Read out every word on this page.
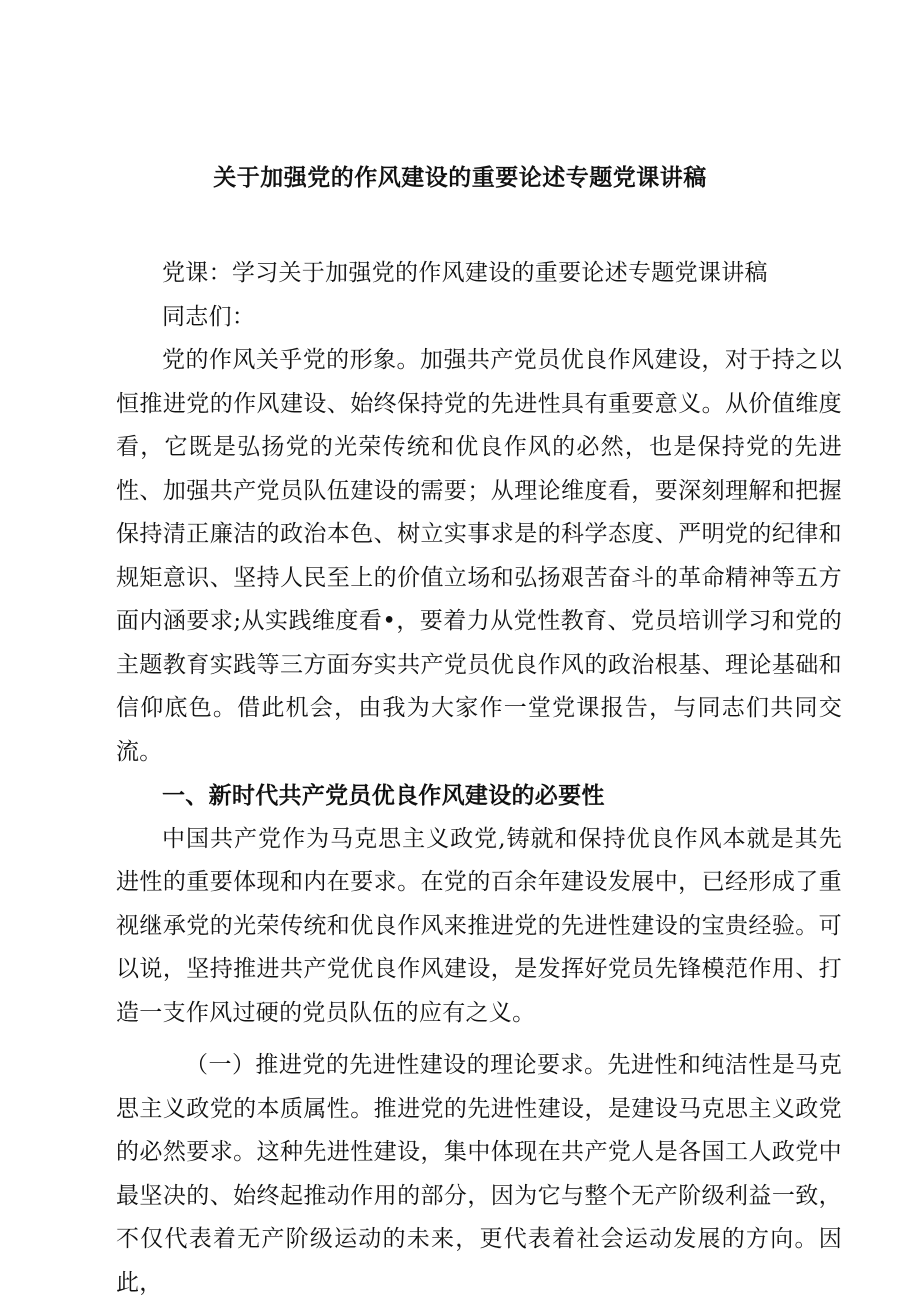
关于加强党的作风建设的重要论述专题党课讲稿

党课：学习关于加强党的作风建设的重要论述专题党课讲稿

同志们：

党的作风关乎党的形象。加强共产党员优良作风建设，对于持之以恒推进党的作风建设、始终保持党的先进性具有重要意义。从价值维度看，它既是弘扬党的光荣传统和优良作风的必然，也是保持党的先进性、加强共产党员队伍建设的需要；从理论维度看，要深刻理解和把握保持清正廉洁的政治本色、树立实事求是的科学态度、严明党的纪律和规矩意识、坚持人民至上的价值立场和弘扬艰苦奋斗的革命精神等五方面内涵要求;从实践维度看•，要着力从党性教育、党员培训学习和党的主题教育实践等三方面夯实共产党员优良作风的政治根基、理论基础和信仰底色。借此机会，由我为大家作一堂党课报告，与同志们共同交流。

一、新时代共产党员优良作风建设的必要性

中国共产党作为马克思主义政党,铸就和保持优良作风本就是其先进性的重要体现和内在要求。在党的百余年建设发展中，已经形成了重视继承党的光荣传统和优良作风来推进党的先进性建设的宝贵经验。可以说，坚持推进共产党优良作风建设，是发挥好党员先锋模范作用、打造一支作风过硬的党员队伍的应有之义。

（一）推进党的先进性建设的理论要求。先进性和纯洁性是马克思主义政党的本质属性。推进党的先进性建设，是建设马克思主义政党的必然要求。这种先进性建设，集中体现在共产党人是各国工人政党中最坚决的、始终起推动作用的部分，因为它与整个无产阶级利益一致，不仅代表着无产阶级运动的未来，更代表着社会运动发展的方向。因此，
